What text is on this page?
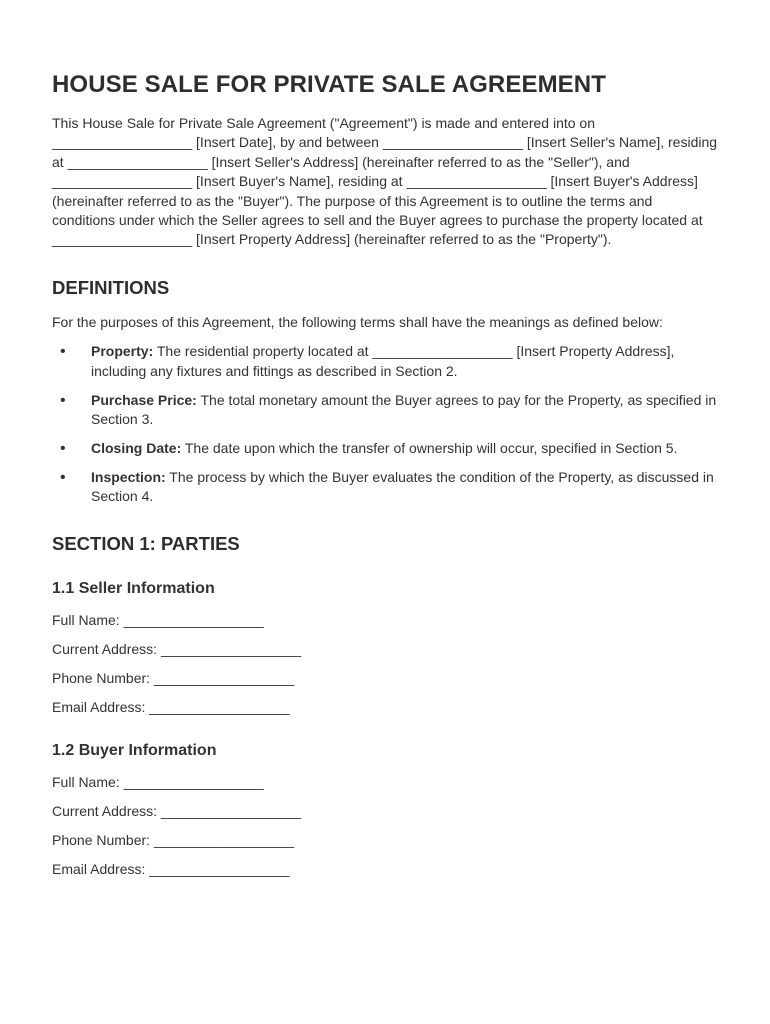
HOUSE SALE FOR PRIVATE SALE AGREEMENT

This House Sale for Private Sale Agreement ("Agreement") is made and entered into on __________________ [Insert Date], by and between __________________ [Insert Seller's Name], residing at __________________ [Insert Seller's Address] (hereinafter referred to as the "Seller"), and __________________ [Insert Buyer's Name], residing at __________________ [Insert Buyer's Address] (hereinafter referred to as the "Buyer"). The purpose of this Agreement is to outline the terms and conditions under which the Seller agrees to sell and the Buyer agrees to purchase the property located at __________________ [Insert Property Address] (hereinafter referred to as the "Property").

DEFINITIONS

For the purposes of this Agreement, the following terms shall have the meanings as defined below:

• Property: The residential property located at __________________ [Insert Property Address], including any fixtures and fittings as described in Section 2.
• Purchase Price: The total monetary amount the Buyer agrees to pay for the Property, as specified in Section 3.
• Closing Date: The date upon which the transfer of ownership will occur, specified in Section 5.
• Inspection: The process by which the Buyer evaluates the condition of the Property, as discussed in Section 4.
SECTION 1: PARTIES
1.1 Seller Information

Full Name: __________________

Current Address: __________________

Phone Number: __________________

Email Address: __________________

1.2 Buyer Information

Full Name: __________________

Current Address: __________________

Phone Number: __________________

Email Address: __________________
